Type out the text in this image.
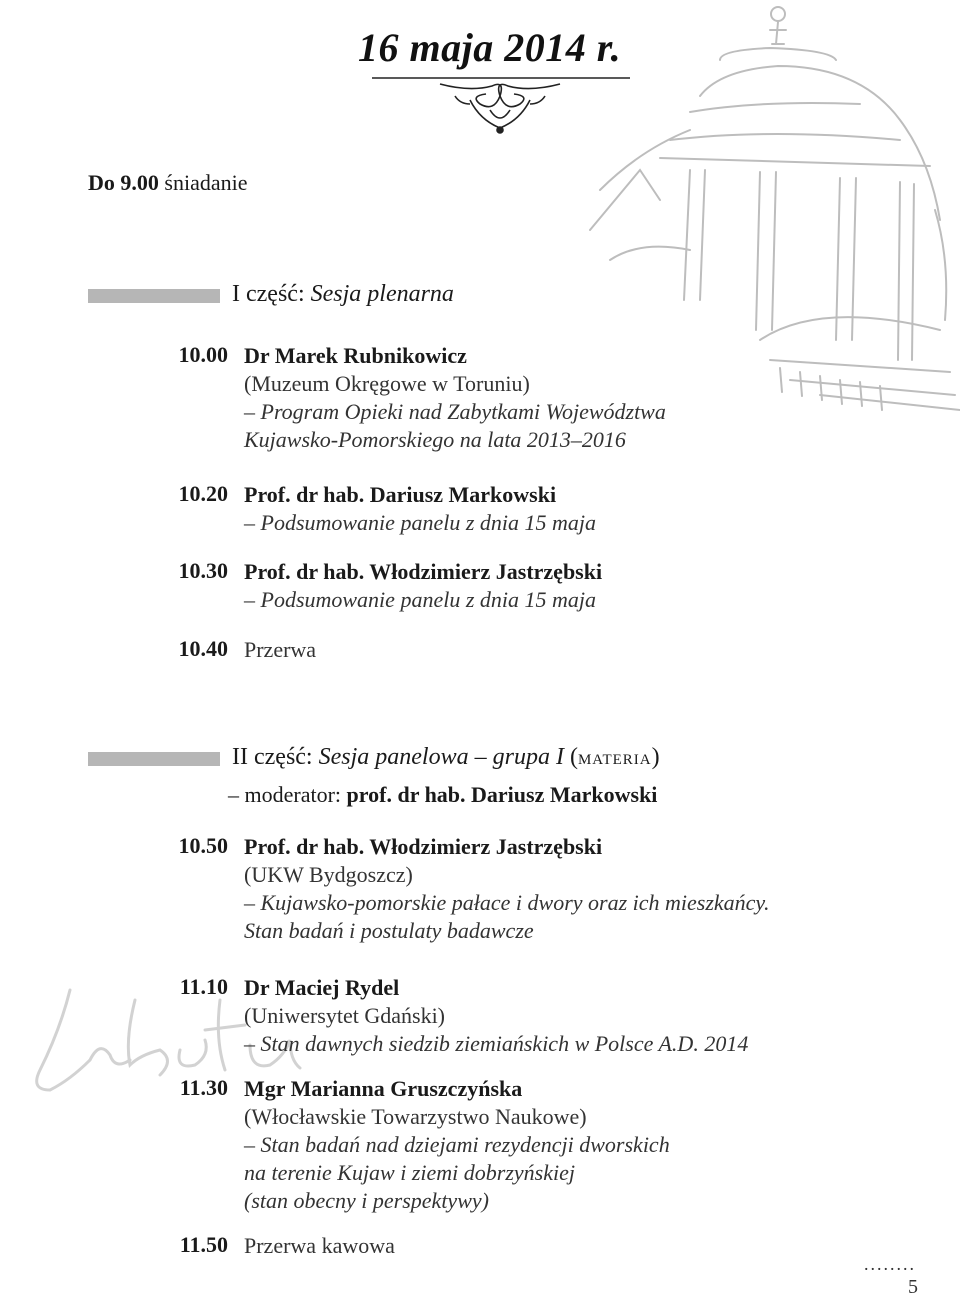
16 maja 2014 r.
Do 9.00 śniadanie
I część: Sesja plenarna
10.00 Dr Marek Rubnikowicz
(Muzeum Okręgowe w Toruniu)
– Program Opieki nad Zabytkami Województwa
Kujawsko-Pomorskiego na lata 2013–2016
10.20 Prof. dr hab. Dariusz Markowski
– Podsumowanie panelu z dnia 15 maja
10.30 Prof. dr hab. Włodzimierz Jastrzębski
– Podsumowanie panelu z dnia 15 maja
10.40 Przerwa
II część: Sesja panelowa – grupa I (MATERIA)
– moderator: prof. dr hab. Dariusz Markowski
10.50 Prof. dr hab. Włodzimierz Jastrzębski
(UKW Bydgoszcz)
– Kujawsko-pomorskie pałace i dwory oraz ich mieszkańcy.
Stan badań i postulaty badawcze
11.10 Dr Maciej Rydel
(Uniwersytet Gdański)
– Stan dawnych siedzib ziemiańskich w Polsce A.D. 2014
11.30 Mgr Marianna Gruszczyńska
(Włocławskie Towarzystwo Naukowe)
– Stan badań nad dziejami rezydencji dworskich
na terenie Kujaw i ziemi dobrzyńskiej
(stan obecny i perspektywy)
11.50 Przerwa kawowa
........
5
